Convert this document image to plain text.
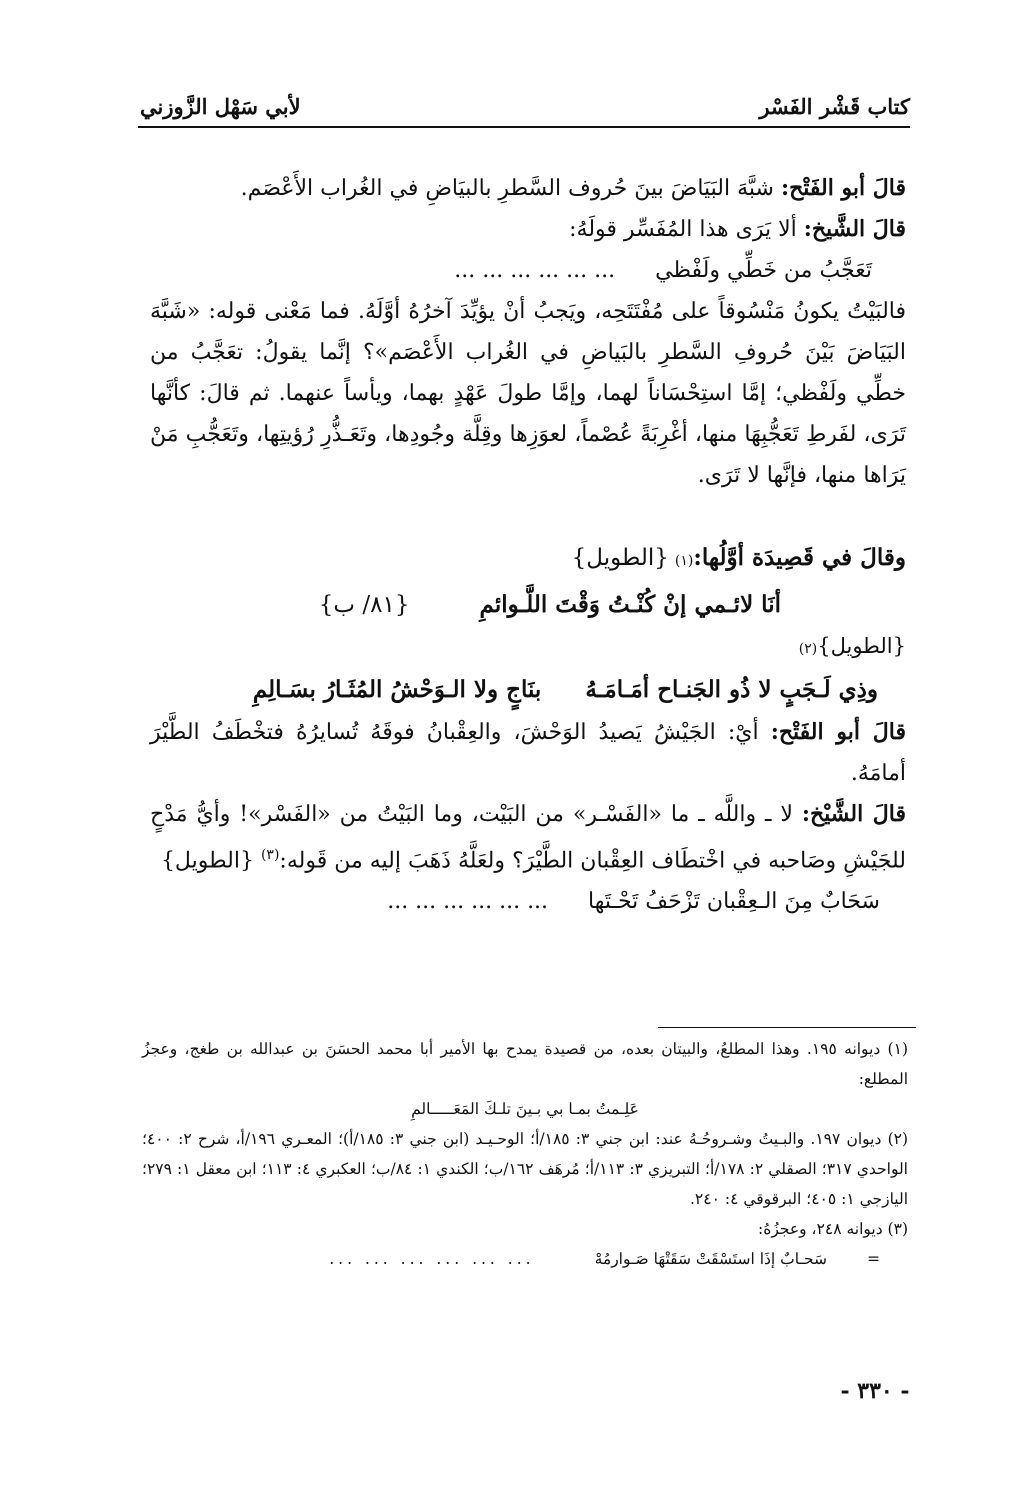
كتاب قَشْر الفَسْر
لأبي سَهْل الزَّوزني

قالَ أبو الفَتْح: شبَّهَ البَيَاضَ بينَ حُروف السَّطرِ بالبيَاضِ في الغُراب الأَعْصَم.

قالَ الشَّيخ: ألا يَرَى هذا المُفَسِّر قولَهُ:

تَعَجَّبُ من خَطِّي ولَفْظي... ... ... ... ... ...

فالبَيْتُ يكونُ مَنْسُوقاً على مُفْتَتَحِه، ويَجبُ أنْ يؤيِّدَ آخرُهُ أوَّلَهُ. فما مَعْنى قوله: «شَبَّهَ البَيَاضَ بَيْنَ حُروفِ السَّطرِ بالبَياضِ في الغُراب الأَعْصَم»؟ إنَّما يقولُ: تعَجَّبُ من خطِّي ولَفْظي؛ إمَّا استِحْسَاناً لهما، وإمَّا طولَ عَهْدٍ بهما، ويأساً عنهما. ثم قالَ: كأنَّها تَرَى، لفَرطِ تَعَجُّبِهَا منها، أغْرِبَةً عُصْماً، لعوَزِها وقِلَّة وجُودِها، وتَعَـذُّرِ رُؤيتِها، وتَعَجُّبِ مَنْ يَرَاها منها، فإنَّها لا تَرَى.

وقالَ في قَصِيدَة أوَّلُها:
(١)
{الطويل}
أنَا لائـمي إنْ كُنْـتُ وَقْتَ اللَّـوائمِ
{٨١/ ب}
{الطويل}
(٢)
وذِي لَـجَبٍ لا ذُو الجَنـاح أمَـامَـهُ
بنَاجٍ ولا الـوَحْشُ المُثَـارُ بسَـالِمِ

قالَ أبو الفَتْح: أيْ: الجَيْشُ يَصيدُ الوَحْشَ، والعِقْبانُ فوقَهُ تُسايرُهُ فتخْطَفُ الطَّيْرَ أمامَهُ.

قالَ الشَّيْخ: لا ـ واللَّه ـ ما «الفَسْـر» من البَيْت، وما البَيْتُ من «الفَسْر»! وأيُّ مَدْحٍ للجَيْشِ وصَاحبه في اخْتطَاف العِقْبان الطَّيْرَ؟ ولعَلَّهُ ذَهَبَ إليه من قَوله:$^{(٣)}$ {الطويل}

سَحَابٌ مِنَ الـعِقْبان تَزْحَفُ تَحْـتَها... ... ... ... ... ...

(١) ديوانه ١٩٥. وهذا المطلعُ، والبيتان بعده، من قصيدة يمدح بها الأمير أبا محمد الحسَنَ بن عبدالله بن طغج، وعجزُ المطلع:

عَلِـمتُ بمـا بي بـينَ تلـكَ المَعَـــــالمِ

(٢) ديوان ١٩٧. والبـيتُ وشـروحُـهُ عند: ابن جني ٣: ١٨٥/أ؛ الوحـيـد (ابن جني ٣: ١٨٥/أ)؛ المعـري ١٩٦/أ، شرح ٢: ٤٠٠؛ الواحدي ٣١٧؛ الصقلي ٢: ١٧٨/أ؛ التبريزي ٣: ١١٣/أ؛ مُرهَف ١٦٢/ب؛ الكندي ١: ٨٤/ب؛ العكبري ٤: ١١٣؛ ابن معقل ١: ٢٧٩؛ اليازجي ١: ٤٠٥؛ البرقوقي ٤: ٢٤٠.

(٣) ديوانه ٢٤٨، وعجزُهُ:

=
سَحـابٌ إذَا استَسْقَتْ سَقَتْهَا صَـوارمُهْ
... ... ... ... ... ...

- ٣٣٠ -
